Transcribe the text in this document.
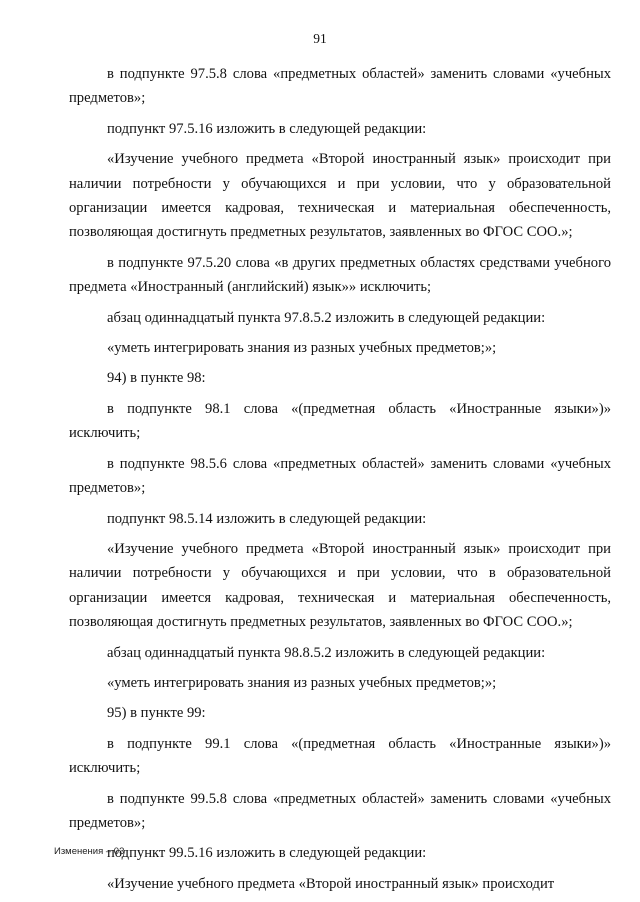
91

в подпункте 97.5.8 слова «предметных областей» заменить словами «учебных предметов»;

подпункт 97.5.16 изложить в следующей редакции:

«Изучение учебного предмета «Второй иностранный язык» происходит при наличии потребности у обучающихся и при условии, что у образовательной организации имеется кадровая, техническая и материальная обеспеченность, позволяющая достигнуть предметных результатов, заявленных во ФГОС СОО.»;

в подпункте 97.5.20 слова «в других предметных областях средствами учебного предмета «Иностранный (английский) язык»» исключить;

абзац одиннадцатый пункта 97.8.5.2 изложить в следующей редакции:

«уметь интегрировать знания из разных учебных предметов;»;

94) в пункте 98:

в подпункте 98.1 слова «(предметная область «Иностранные языки»)» исключить;

в подпункте 98.5.6 слова «предметных областей» заменить словами «учебных предметов»;

подпункт 98.5.14 изложить в следующей редакции:

«Изучение учебного предмета «Второй иностранный язык» происходит при наличии потребности у обучающихся и при условии, что в образовательной организации имеется кадровая, техническая и материальная обеспеченность, позволяющая достигнуть предметных результатов, заявленных во ФГОС СОО.»;

абзац одиннадцатый пункта 98.8.5.2 изложить в следующей редакции:

«уметь интегрировать знания из разных учебных предметов;»;

95) в пункте 99:

в подпункте 99.1 слова «(предметная область «Иностранные языки»)» исключить;

в подпункте 99.5.8 слова «предметных областей» заменить словами «учебных предметов»;

подпункт 99.5.16 изложить в следующей редакции:

«Изучение учебного предмета «Второй иностранный язык» происходит

Изменения – 03
